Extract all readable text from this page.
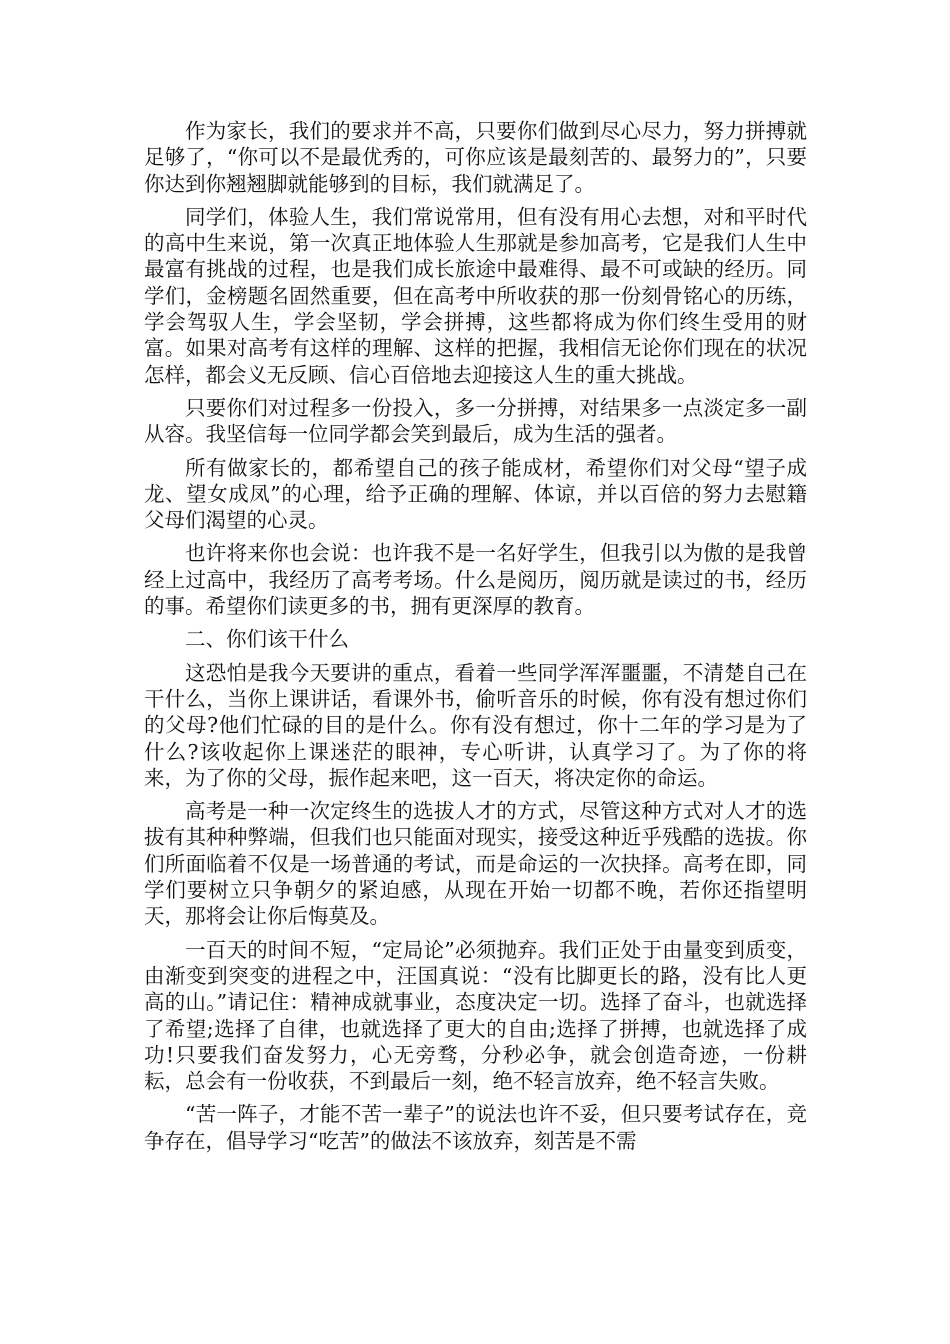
作为家长，我们的要求并不高，只要你们做到尽心尽力，努力拼搏就足够了，“你可以不是最优秀的，可你应该是最刻苦的、最努力的”，只要你达到你翘翘脚就能够到的目标，我们就满足了。

同学们，体验人生，我们常说常用，但有没有用心去想，对和平时代的高中生来说，第一次真正地体验人生那就是参加高考，它是我们人生中最富有挑战的过程，也是我们成长旅途中最难得、最不可或缺的经历。同学们，金榜题名固然重要，但在高考中所收获的那一份刻骨铭心的历练，学会驾驭人生，学会坚韧，学会拼搏，这些都将成为你们终生受用的财富。如果对高考有这样的理解、这样的把握，我相信无论你们现在的状况怎样，都会义无反顾、信心百倍地去迎接这人生的重大挑战。

只要你们对过程多一份投入，多一分拼搏，对结果多一点淡定多一副从容。我坚信每一位同学都会笑到最后，成为生活的强者。

所有做家长的，都希望自己的孩子能成材，希望你们对父母“望子成龙、望女成凤”的心理，给予正确的理解、体谅，并以百倍的努力去慰籍父母们渴望的心灵。

也许将来你也会说：也许我不是一名好学生，但我引以为傲的是我曾经上过高中，我经历了高考考场。什么是阅历，阅历就是读过的书，经历的事。希望你们读更多的书，拥有更深厚的教育。

二、你们该干什么

这恐怕是我今天要讲的重点，看着一些同学浑浑噩噩，不清楚自己在干什么，当你上课讲话，看课外书，偷听音乐的时候，你有没有想过你们的父母?他们忙碌的目的是什么。你有没有想过，你十二年的学习是为了什么?该收起你上课迷茫的眼神，专心听讲，认真学习了。为了你的将来，为了你的父母，振作起来吧，这一百天，将决定你的命运。

高考是一种一次定终生的选拔人才的方式，尽管这种方式对人才的选拔有其种种弊端，但我们也只能面对现实，接受这种近乎残酷的选拔。你们所面临着不仅是一场普通的考试，而是命运的一次抉择。高考在即，同学们要树立只争朝夕的紧迫感，从现在开始一切都不晚，若你还指望明天，那将会让你后悔莫及。

一百天的时间不短，“定局论”必须抛弃。我们正处于由量变到质变，由渐变到突变的进程之中，汪国真说：“没有比脚更长的路，没有比人更高的山。”请记住：精神成就事业，态度决定一切。选择了奋斗，也就选择了希望;选择了自律，也就选择了更大的自由;选择了拼搏，也就选择了成功!只要我们奋发努力，心无旁骛，分秒必争，就会创造奇迹，一份耕耘，总会有一份收获，不到最后一刻，绝不轻言放弃，绝不轻言失败。

“苦一阵子，才能不苦一辈子”的说法也许不妥，但只要考试存在，竞争存在，倡导学习“吃苦”的做法不该放弃，刻苦是不需
